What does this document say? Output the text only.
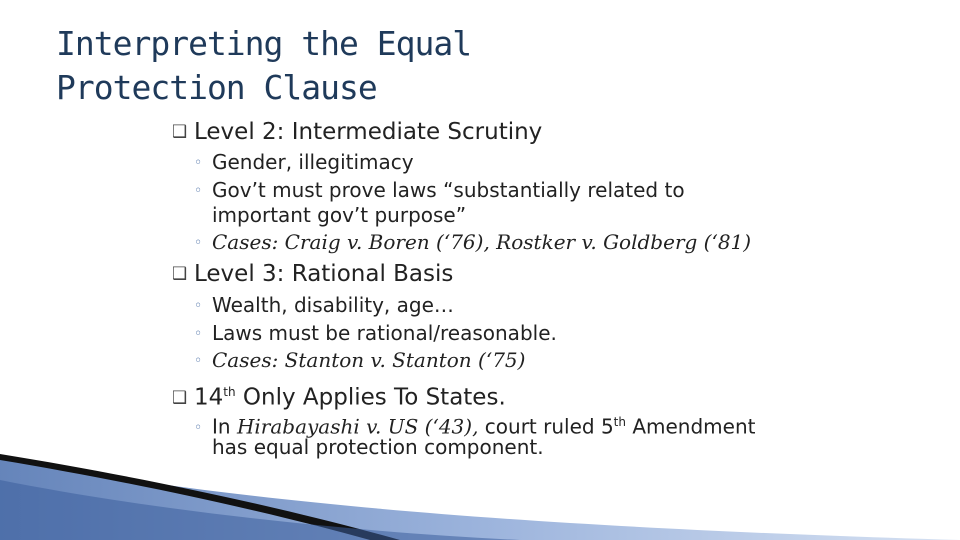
Interpreting the Equal
Protection Clause
❑ Level 2: Intermediate Scrutiny
◦ Gender, illegitimacy
◦ Gov’t must prove laws “substantially related to
important gov’t purpose”
◦ Cases: Craig v. Boren (‘76), Rostker v. Goldberg (‘81)
❑ Level 3: Rational Basis
◦ Wealth, disability, age…
◦ Laws must be rational/reasonable.
◦ Cases: Stanton v. Stanton (‘75)
❑ 14th Only Applies To States.
◦ In Hirabayashi v. US (‘43), court ruled 5th Amendment
has equal protection component.
